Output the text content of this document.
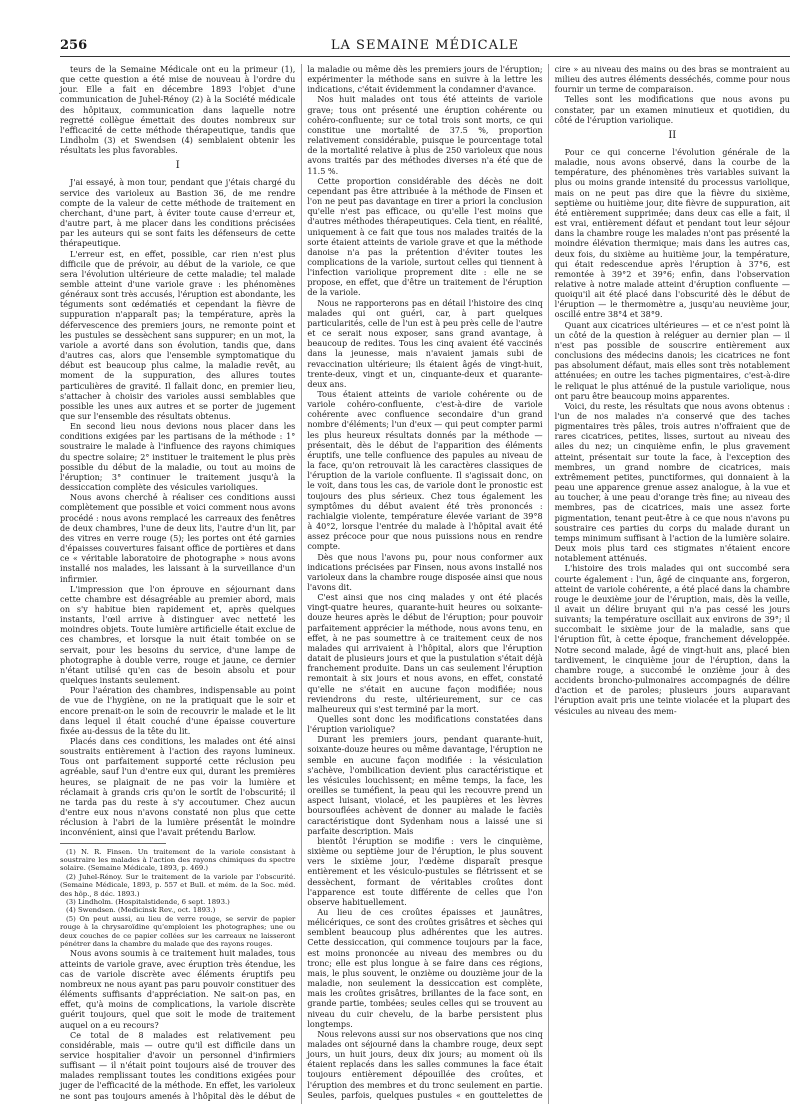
256	LA SEMAINE MÉDICALE

teurs de la Semaine Médicale ont eu la primeur (1), que cette question a été mise de nouveau à l'ordre du jour. Elle a fait en décembre 1893 l'objet d'une communication de Juhel-Rénoy (2) à la Société médicale des hôpitaux, communication dans laquelle notre regretté collègue émettait des doutes nombreux sur l'efficacité de cette méthode thérapeutique, tandis que Lindholm (3) et Swendsen (4) semblaient obtenir les résultats les plus favorables.

I

J'ai essayé, à mon tour, pendant que j'étais chargé du service des varioleux au Bastion 36, de me rendre compte de la valeur de cette méthode de traitement en cherchant, d'une part, à éviter toute cause d'erreur et, d'autre part, à me placer dans les conditions précisées par les auteurs qui se sont faits les défenseurs de cette thérapeutique.

L'erreur est, en effet, possible, car rien n'est plus difficile que de prévoir, au début de la variole, ce que sera l'évolution ultérieure de cette maladie; tel malade semble atteint d'une variole grave : les phénomènes généraux sont très accusés, l'éruption est abondante, les téguments sont œdématiés et cependant la fièvre de suppuration n'apparaît pas; la température, après la défervescence des premiers jours, ne remonte point et les pustules se dessèchent sans suppurer; en un mot, la variole a avorté dans son évolution, tandis que, dans d'autres cas, alors que l'ensemble symptomatique du début est beaucoup plus calme, la maladie revêt, au moment de la suppuration, des allures toutes particulières de gravité. Il fallait donc, en premier lieu, s'attacher à choisir des varioles aussi semblables que possible les unes aux autres et se porter de jugement que sur l'ensemble des résultats obtenus.

En second lieu nous devions nous placer dans les conditions exigées par les partisans de la méthode : 1° soustraire le malade à l'influence des rayons chimiques du spectre solaire; 2° instituer le traitement le plus près possible du début de la maladie, ou tout au moins de l'éruption; 3° continuer le traitement jusqu'à la dessiccation complète des vésicules varioliques.

Nous avons cherché à réaliser ces conditions aussi complètement que possible et voici comment nous avons procédé : nous avons remplacé les carreaux des fenêtres de deux chambres, l'une de deux lits, l'autre d'un lit, par des vitres en verre rouge (5); les portes ont été garnies d'épaisses couvertures faisant office de portières et dans ce « véritable laboratoire de photographe » nous avons installé nos malades, les laissant à la surveillance d'un infirmier.

L'impression que l'on éprouve en séjournant dans cette chambre est désagréable au premier abord, mais on s'y habitue bien rapidement et, après quelques instants, l'œil arrive à distinguer avec netteté les moindres objets. Toute lumière artificielle était exclue de ces chambres, et lorsque la nuit était tombée on se servait, pour les besoins du service, d'une lampe de photographe à double verre, rouge et jaune, ce dernier n'étant utilisé qu'en cas de besoin absolu et pour quelques instants seulement.

Pour l'aération des chambres, indispensable au point de vue de l'hygiène, on ne la pratiquait que le soir et encore prenait-on le soin de recouvrir le malade et le lit dans lequel il était couché d'une épaisse couverture fixée au-dessus de la tête du lit.

Placés dans ces conditions, les malades ont été ainsi soustraits entièrement à l'action des rayons lumineux. Tous ont parfaitement supporté cette réclusion peu agréable, sauf l'un d'entre eux qui, durant les premières heures, se plaignait de ne pas voir la lumière et réclamait à grands cris qu'on le sortît de l'obscurité; il ne tarda pas du reste à s'y accoutumer. Chez aucun d'entre eux nous n'avons constaté non plus que cette réclusion à l'abri de la lumière présentât le moindre inconvénient, ainsi que l'avait prétendu Barlow.

(1) N. R. Finsen. Un traitement de la variole consistant à soustraire les malades à l'action des rayons chimiques du spectre solaire. (Semaine Médicale, 1893, p. 469.)

(2) Juhel-Rénoy. Sur le traitement de la variole par l'obscurité. (Semaine Médicale, 1893, p. 557 et Bull. et mém. de la Soc. méd. des hôp., 8 déc. 1893.)

(3) Lindholm. (Hospitalstidende, 6 sept. 1893.)

(4) Swendsen. (Medicinsk Rev., oct. 1893.)

(5) On peut aussi, au lieu de verre rouge, se servir de papier rouge à la chrysaroïdine qu'emploient les photographes; une ou deux couches de ce papier collées sur les carreaux ne laisseront pénétrer dans la chambre du malade que des rayons rouges.

Nous avons soumis à ce traitement huit malades, tous atteints de variole grave, avec éruption très étendue, les cas de variole discrète avec éléments éruptifs peu nombreux ne nous ayant pas paru pouvoir constituer des éléments suffisants d'appréciation. Ne sait-on pas, en effet, qu'à moins de complications, la variole discrète guérit toujours, quel que soit le mode de traitement auquel on a eu recours?

Ce total de 8 malades est relativement peu considérable, mais — outre qu'il est difficile dans un service hospitalier d'avoir un personnel d'infirmiers suffisant — il n'était point toujours aisé de trouver des malades remplissant toutes les conditions exigées pour juger de l'efficacité de la méthode. En effet, les varioleux ne sont pas toujours amenés à l'hôpital dès le début de la maladie ou même dès les premiers jours de l'éruption; expérimenter la méthode sans en suivre à la lettre les indications, c'était évidemment la condamner d'avance.

Nos huit malades ont tous été atteints de variole grave; tous ont présenté une éruption cohérente ou cohéro-confluente; sur ce total trois sont morts, ce qui constitue une mortalité de 37.5 %, proportion relativement considérable, puisque le pourcentage total de la mortalité relative à plus de 250 varioleux que nous avons traités par des méthodes diverses n'a été que de 11.5 %.

Cette proportion considérable des décès ne doit cependant pas être attribuée à la méthode de Finsen et l'on ne peut pas davantage en tirer a priori la conclusion qu'elle n'est pas efficace, ou qu'elle l'est moins que d'autres méthodes thérapeutiques. Cela tient, en réalité, uniquement à ce fait que tous nos malades traités de la sorte étaient atteints de variole grave et que la méthode danoise n'a pas la prétention d'éviter toutes les complications de la variole, surtout celles qui tiennent à l'infection variolique proprement dite : elle ne se propose, en effet, que d'être un traitement de l'éruption de la variole.

Nous ne rapporterons pas en détail l'histoire des cinq malades qui ont guéri, car, à part quelques particularités, celle de l'un est à peu près celle de l'autre et ce serait nous exposer, sans grand avantage, à beaucoup de redites. Tous les cinq avaient été vaccinés dans la jeunesse, mais n'avaient jamais subi de revaccination ultérieure; ils étaient âgés de vingt-huit, trente-deux, vingt et un, cinquante-deux et quarante-deux ans.

Tous étaient atteints de variole cohérente ou de variole cohéro-confluente, c'est-à-dire de variole cohérente avec confluence secondaire d'un grand nombre d'éléments; l'un d'eux — qui peut compter parmi les plus heureux résultats donnés par la méthode — présentait, dès le début de l'apparition des éléments éruptifs, une telle confluence des papules au niveau de la face, qu'on retrouvait là les caractères classiques de l'éruption de la variole confluente. Il s'agissait donc, on le voit, dans tous les cas, de variole dont le pronostic est toujours des plus sérieux. Chez tous également les symptômes du début avaient été très prononcés : rachialgie violente, température élevée variant de 39°8 à 40°2, lorsque l'entrée du malade à l'hôpital avait été assez précoce pour que nous puissions nous en rendre compte.

Dès que nous l'avons pu, pour nous conformer aux indications précisées par Finsen, nous avons installé nos varioleux dans la chambre rouge disposée ainsi que nous l'avons dit.

C'est ainsi que nos cinq malades y ont été placés vingt-quatre heures, quarante-huit heures ou soixante-douze heures après le début de l'éruption; pour pouvoir parfaitement apprécier la méthode, nous avons tenu, en effet, à ne pas soumettre à ce traitement ceux de nos malades qui arrivaient à l'hôpital, alors que l'éruption datait de plusieurs jours et que la pustulation s'était déjà franchement produite. Dans un cas seulement l'éruption remontait à six jours et nous avons, en effet, constaté qu'elle ne s'était en aucune façon modifiée; nous reviendrons du reste, ultérieurement, sur ce cas malheureux qui s'est terminé par la mort.

Quelles sont donc les modifications constatées dans l'éruption variolique?

Durant les premiers jours, pendant quarante-huit, soixante-douze heures ou même davantage, l'éruption ne semble en aucune façon modifiée : la vésiculation s'achève, l'ombilication devient plus caractéristique et les vésicules louchissent; en même temps, la face, les oreilles se tuméfient, la peau qui les recouvre prend un aspect luisant, violacé, et les paupières et les lèvres boursouflées achèvent de donner au malade le faciès caractéristique dont Sydenham nous a laissé une si parfaite description. Mais

bientôt l'éruption se modifie : vers le cinquième, sixième ou septième jour de l'éruption, le plus souvent vers le sixième jour, l'œdème disparaît presque entièrement et les vésiculo-pustules se flétrissent et se dessèchent, formant de véritables croûtes dont l'apparence est toute différente de celles que l'on observe habituellement.

Au lieu de ces croûtes épaisses et jaunâtres, mélicériques, ce sont des croûtes grisâtres et sèches qui semblent beaucoup plus adhérentes que les autres. Cette dessiccation, qui commence toujours par la face, est moins prononcée au niveau des membres ou du tronc; elle est plus longue à se faire dans ces régions, mais, le plus souvent, le onzième ou douzième jour de la maladie, non seulement la dessiccation est complète, mais les croûtes grisâtres, brillantes de la face sont, en grande partie, tombées; seules celles qui se trouvent au niveau du cuir chevelu, de la barbe persistent plus longtemps.

Nous relevons aussi sur nos observations que nos cinq malades ont séjourné dans la chambre rouge, deux sept jours, un huit jours, deux dix jours; au moment où ils étaient replacés dans les salles communes la face était toujours entièrement dépouillée des croûtes, et l'éruption des membres et du tronc seulement en partie. Seules, parfois, quelques pustules « en gouttelettes de cire » au niveau des mains ou des bras se montraient au milieu des autres éléments desséchés, comme pour nous fournir un terme de comparaison.

Telles sont les modifications que nous avons pu constater, par un examen minutieux et quotidien, du côté de l'éruption variolique.

II

Pour ce qui concerne l'évolution générale de la maladie, nous avons observé, dans la courbe de la température, des phénomènes très variables suivant la plus ou moins grande intensité du processus variolique, mais on ne peut pas dire que la fièvre du sixième, septième ou huitième jour, dite fièvre de suppuration, ait été entièrement supprimée; dans deux cas elle a fait, il est vrai, entièrement défaut et pendant tout leur séjour dans la chambre rouge les malades n'ont pas présenté la moindre élévation thermique; mais dans les autres cas, deux fois, du sixième au huitième jour, la température, qui était redescendue après l'éruption à 37°6, est remontée à 39°2 et 39°6; enfin, dans l'observation relative à notre malade atteint d'éruption confluente — quoiqu'il ait été placé dans l'obscurité dès le début de l'éruption — le thermomètre a, jusqu'au neuvième jour, oscillé entre 38°4 et 38°9.

Quant aux cicatrices ultérieures — et ce n'est point là un côté de la question à reléguer au dernier plan — il n'est pas possible de souscrire entièrement aux conclusions des médecins danois; les cicatrices ne font pas absolument défaut, mais elles sont très notablement atténuées; en outre les taches pigmentaires, c'est-à-dire le reliquat le plus atténué de la pustule variolique, nous ont paru être beaucoup moins apparentes.

Voici, du reste, les résultats que nous avons obtenus : l'un de nos malades n'a conservé que des taches pigmentaires très pâles, trois autres n'offraient que de rares cicatrices, petites, lisses, surtout au niveau des ailes du nez; un cinquième enfin, le plus gravement atteint, présentait sur toute la face, à l'exception des membres, un grand nombre de cicatrices, mais extrêmement petites, punctiformes, qui donnaient à la peau une apparence grenue assez analogue, à la vue et au toucher, à une peau d'orange très fine; au niveau des membres, pas de cicatrices, mais une assez forte pigmentation, tenant peut-être à ce que nous n'avons pu soustraire ces parties du corps du malade durant un temps minimum suffisant à l'action de la lumière solaire. Deux mois plus tard ces stigmates n'étaient encore notablement atténués.

L'histoire des trois malades qui ont succombé sera courte également : l'un, âgé de cinquante ans, forgeron, atteint de variole cohérente, a été placé dans la chambre rouge le deuxième jour de l'éruption, mais, dès la veille, il avait un délire bruyant qui n'a pas cessé les jours suivants; la température oscillait aux environs de 39°; il succombait le sixième jour de la maladie, sans que l'éruption fût, à cette époque, franchement développée. Notre second malade, âgé de vingt-huit ans, placé bien tardivement, le cinquième jour de l'éruption, dans la chambre rouge, a succombé le onzième jour à des accidents broncho-pulmonaires accompagnés de délire d'action et de paroles; plusieurs jours auparavant l'éruption avait pris une teinte violacée et la plupart des vésicules au niveau des mem-
